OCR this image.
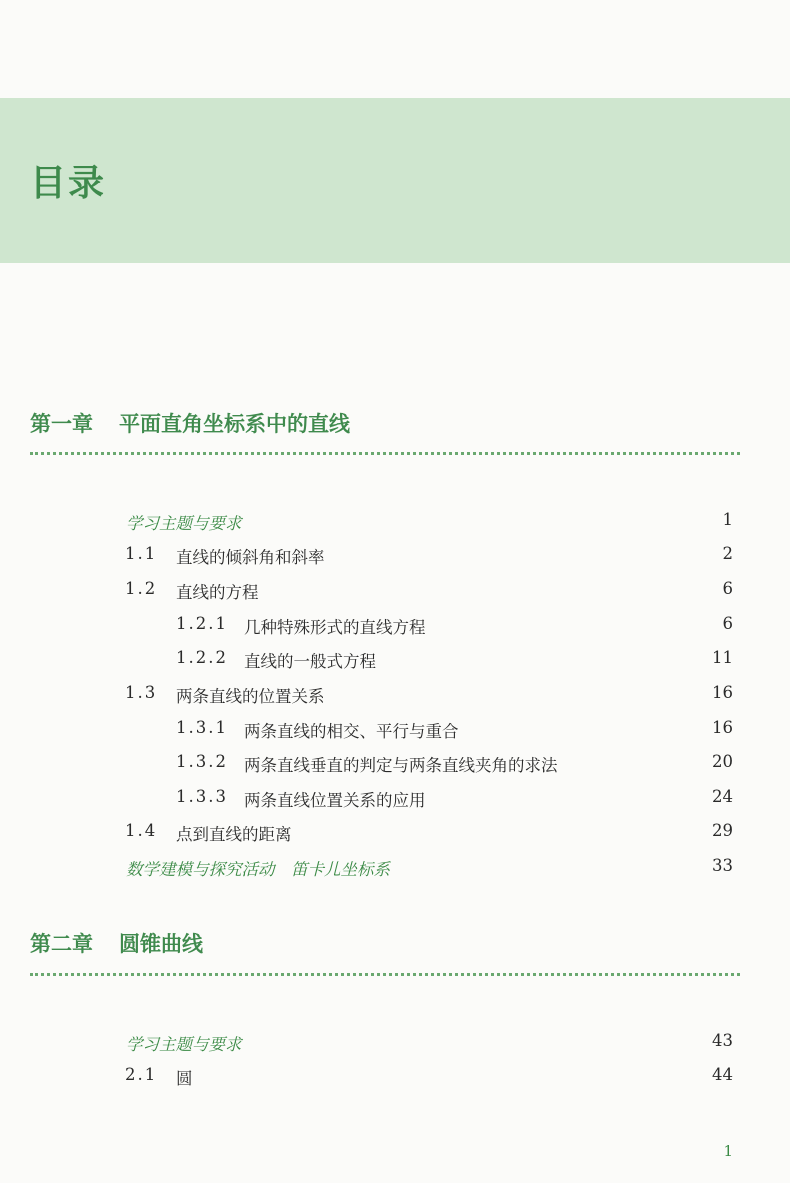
目录
第一章 平面直角坐标系中的直线
学习主题与要求	1
1.1 直线的倾斜角和斜率	2
1.2 直线的方程	6
1.2.1 几种特殊形式的直线方程	6
1.2.2 直线的一般式方程	11
1.3 两条直线的位置关系	16
1.3.1 两条直线的相交、平行与重合	16
1.3.2 两条直线垂直的判定与两条直线夹角的求法	20
1.3.3 两条直线位置关系的应用	24
1.4 点到直线的距离	29
数学建模与探究活动　笛卡儿坐标系	33
第二章 圆锥曲线
学习主题与要求	43
2.1 圆	44
1
